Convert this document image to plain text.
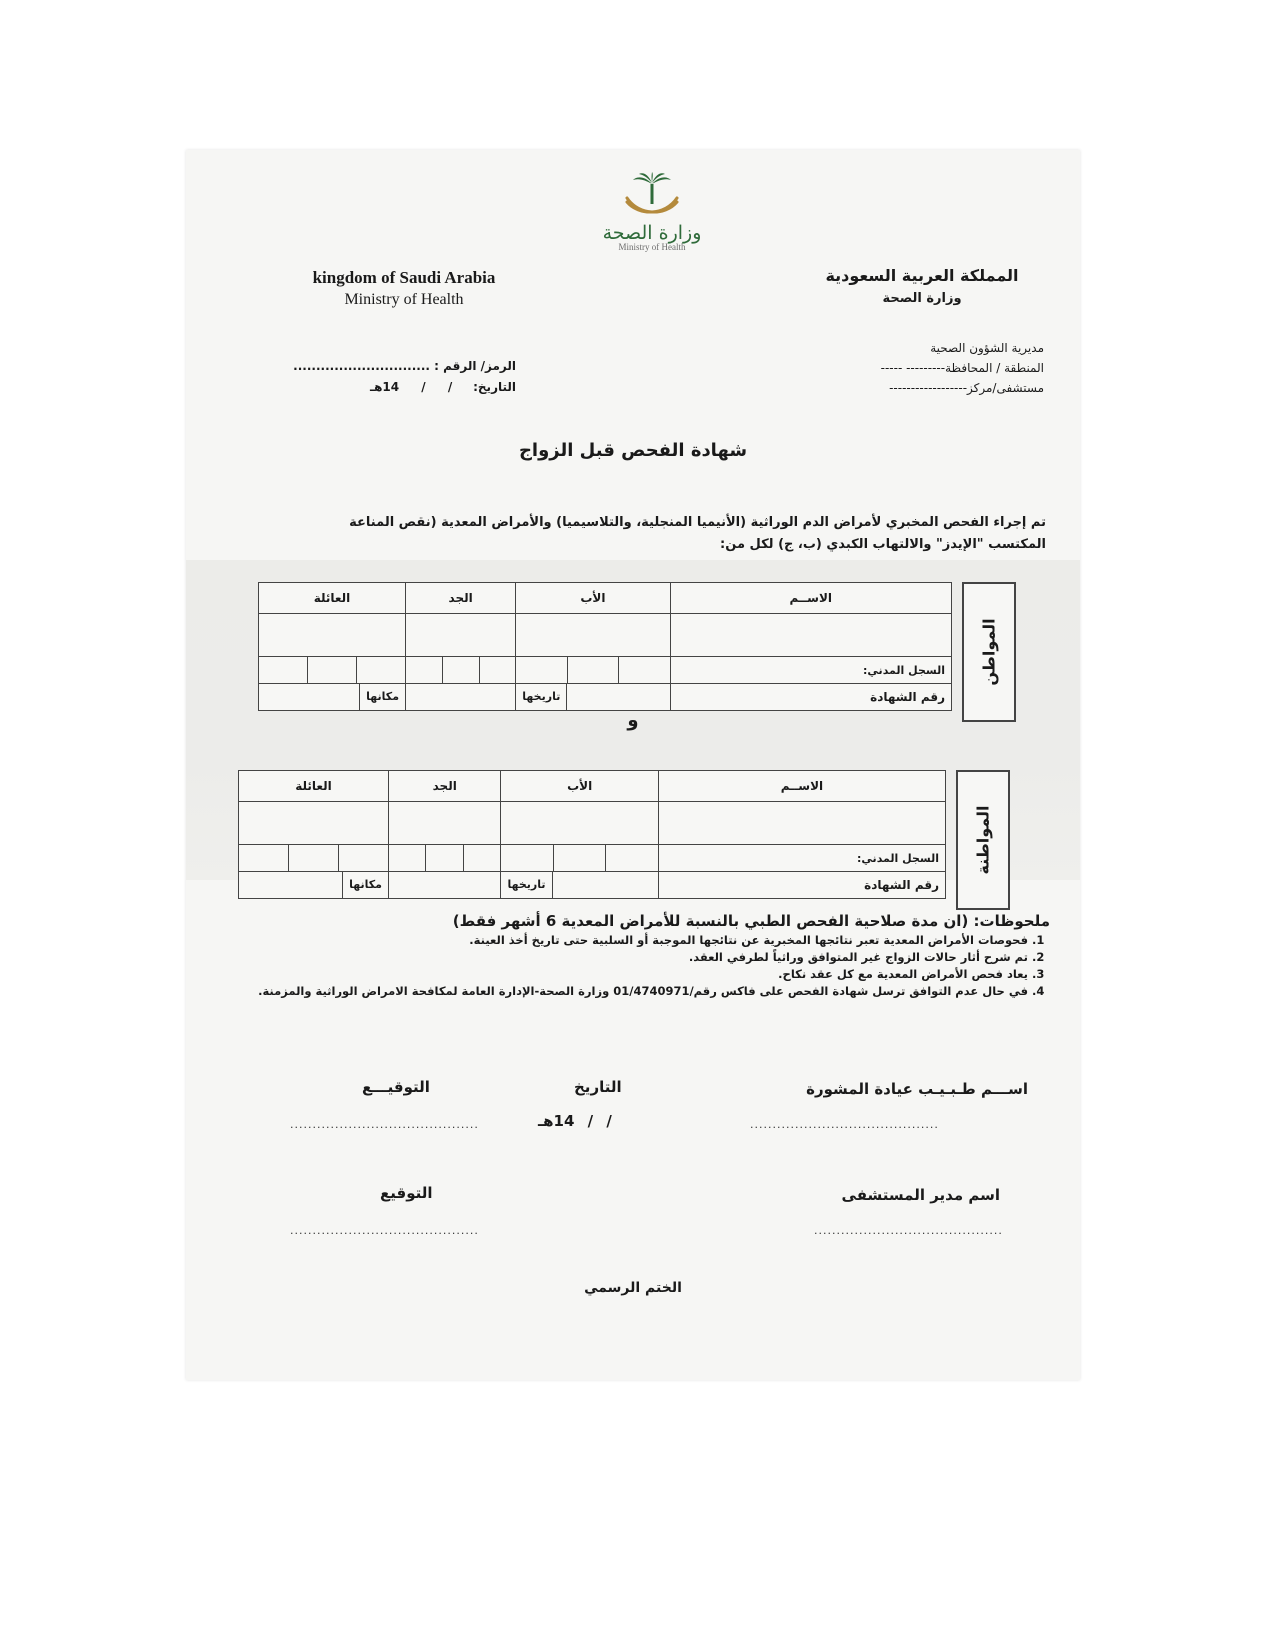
وزارة الصحة
Ministry of Health
kingdom of Saudi Arabia
Ministry of Health
المملكة العربية السعودية
وزارة الصحة
مديرية الشؤون الصحية
المنطقة / المحافظة--------- -----
مستشفى/مركز------------------
الرمز/ الرقم : ..............................
التاريخ:     / / 14هـ
شهادة الفحص قبل الزواج
تم إجراء الفحص المخبري لأمراض الدم الوراثية (الأنيميا المنجلية، والتلاسيميا) والأمراض المعدية (نقص المناعة المكتسب "الإيدز" والالتهاب الكبدي (ب، ج) لكل من:
المواطن
الاســم	الأب	الجد	العائلة

السجل المدني:	

رقم الشهادة	تاريخها		مكانها
و
المواطنة
الاســم	الأب	الجد	العائلة

السجل المدني:	

رقم الشهادة	تاريخها		مكانها
ملحوظات: (ان مدة صلاحية الفحص الطبي بالنسبة للأمراض المعدية 6 أشهر فقط)
1. فحوصات الأمراض المعدية تعبر نتائجها المخبرية عن نتائجها الموجبة أو السلبية حتى تاريخ أخذ العينة.
2. تم شرح أثار حالات الزواج غير المتوافق وراثياً لطرفي العقد.
3. يعاد فحص الأمراض المعدية مع كل عقد نكاح.
4. في حال عدم التوافق ترسل شهادة الفحص على فاكس رقم/01/4740971 وزارة الصحة-الإدارة العامة لمكافحة الامراض الوراثية والمزمنة.
اســـم طـبـيـب عيادة المشورة
التاريخ
التوقيـــع
..........................................
/ / 14هـ
..........................................
اسم مدير المستشفى
التوقيع
..........................................
..........................................
الختم الرسمي
